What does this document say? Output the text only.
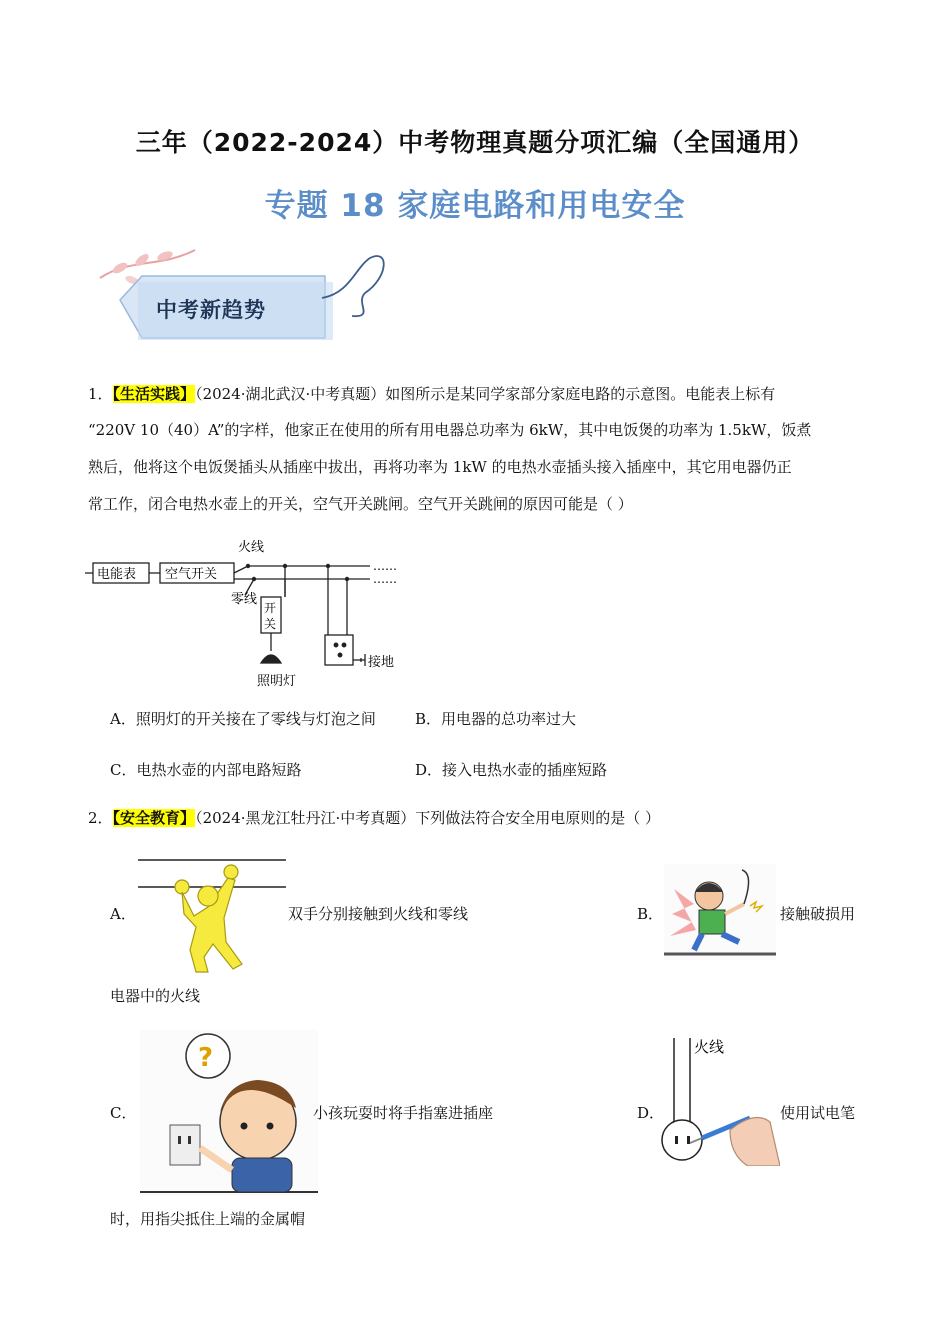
三年（2022-2024）中考物理真题分项汇编（全国通用）
专题 18 家庭电路和用电安全
中考新趋势
1．【生活实践】（2024·湖北武汉·中考真题）如图所示是某同学家部分家庭电路的示意图。电能表上标有
“220V 10（40）A”的字样，他家正在使用的所有用电器总功率为 6kW，其中电饭煲的功率为 1.5kW，饭煮
熟后，他将这个电饭煲插头从插座中拔出，再将功率为 1kW 的电热水壶插头接入插座中，其它用电器仍正
常工作，闭合电热水壶上的开关，空气开关跳闸。空气开关跳闸的原因可能是（ ）
电能表 空气开关
火线
零线
开
关
照明灯
接地
……
……
A．照明灯的开关接在了零线与灯泡之间	B．用电器的总功率过大
C．电热水壶的内部电路短路	D．接入电热水壶的插座短路
2．【安全教育】（2024·黑龙江牡丹江·中考真题）下列做法符合安全用电原则的是（ ）
A．	双手分别接触到火线和零线	B．	接触破损用
电器中的火线
C．
?
小孩玩耍时将手指塞进插座	D．
火线
使用试电笔
时，用指尖抵住上端的金属帽
